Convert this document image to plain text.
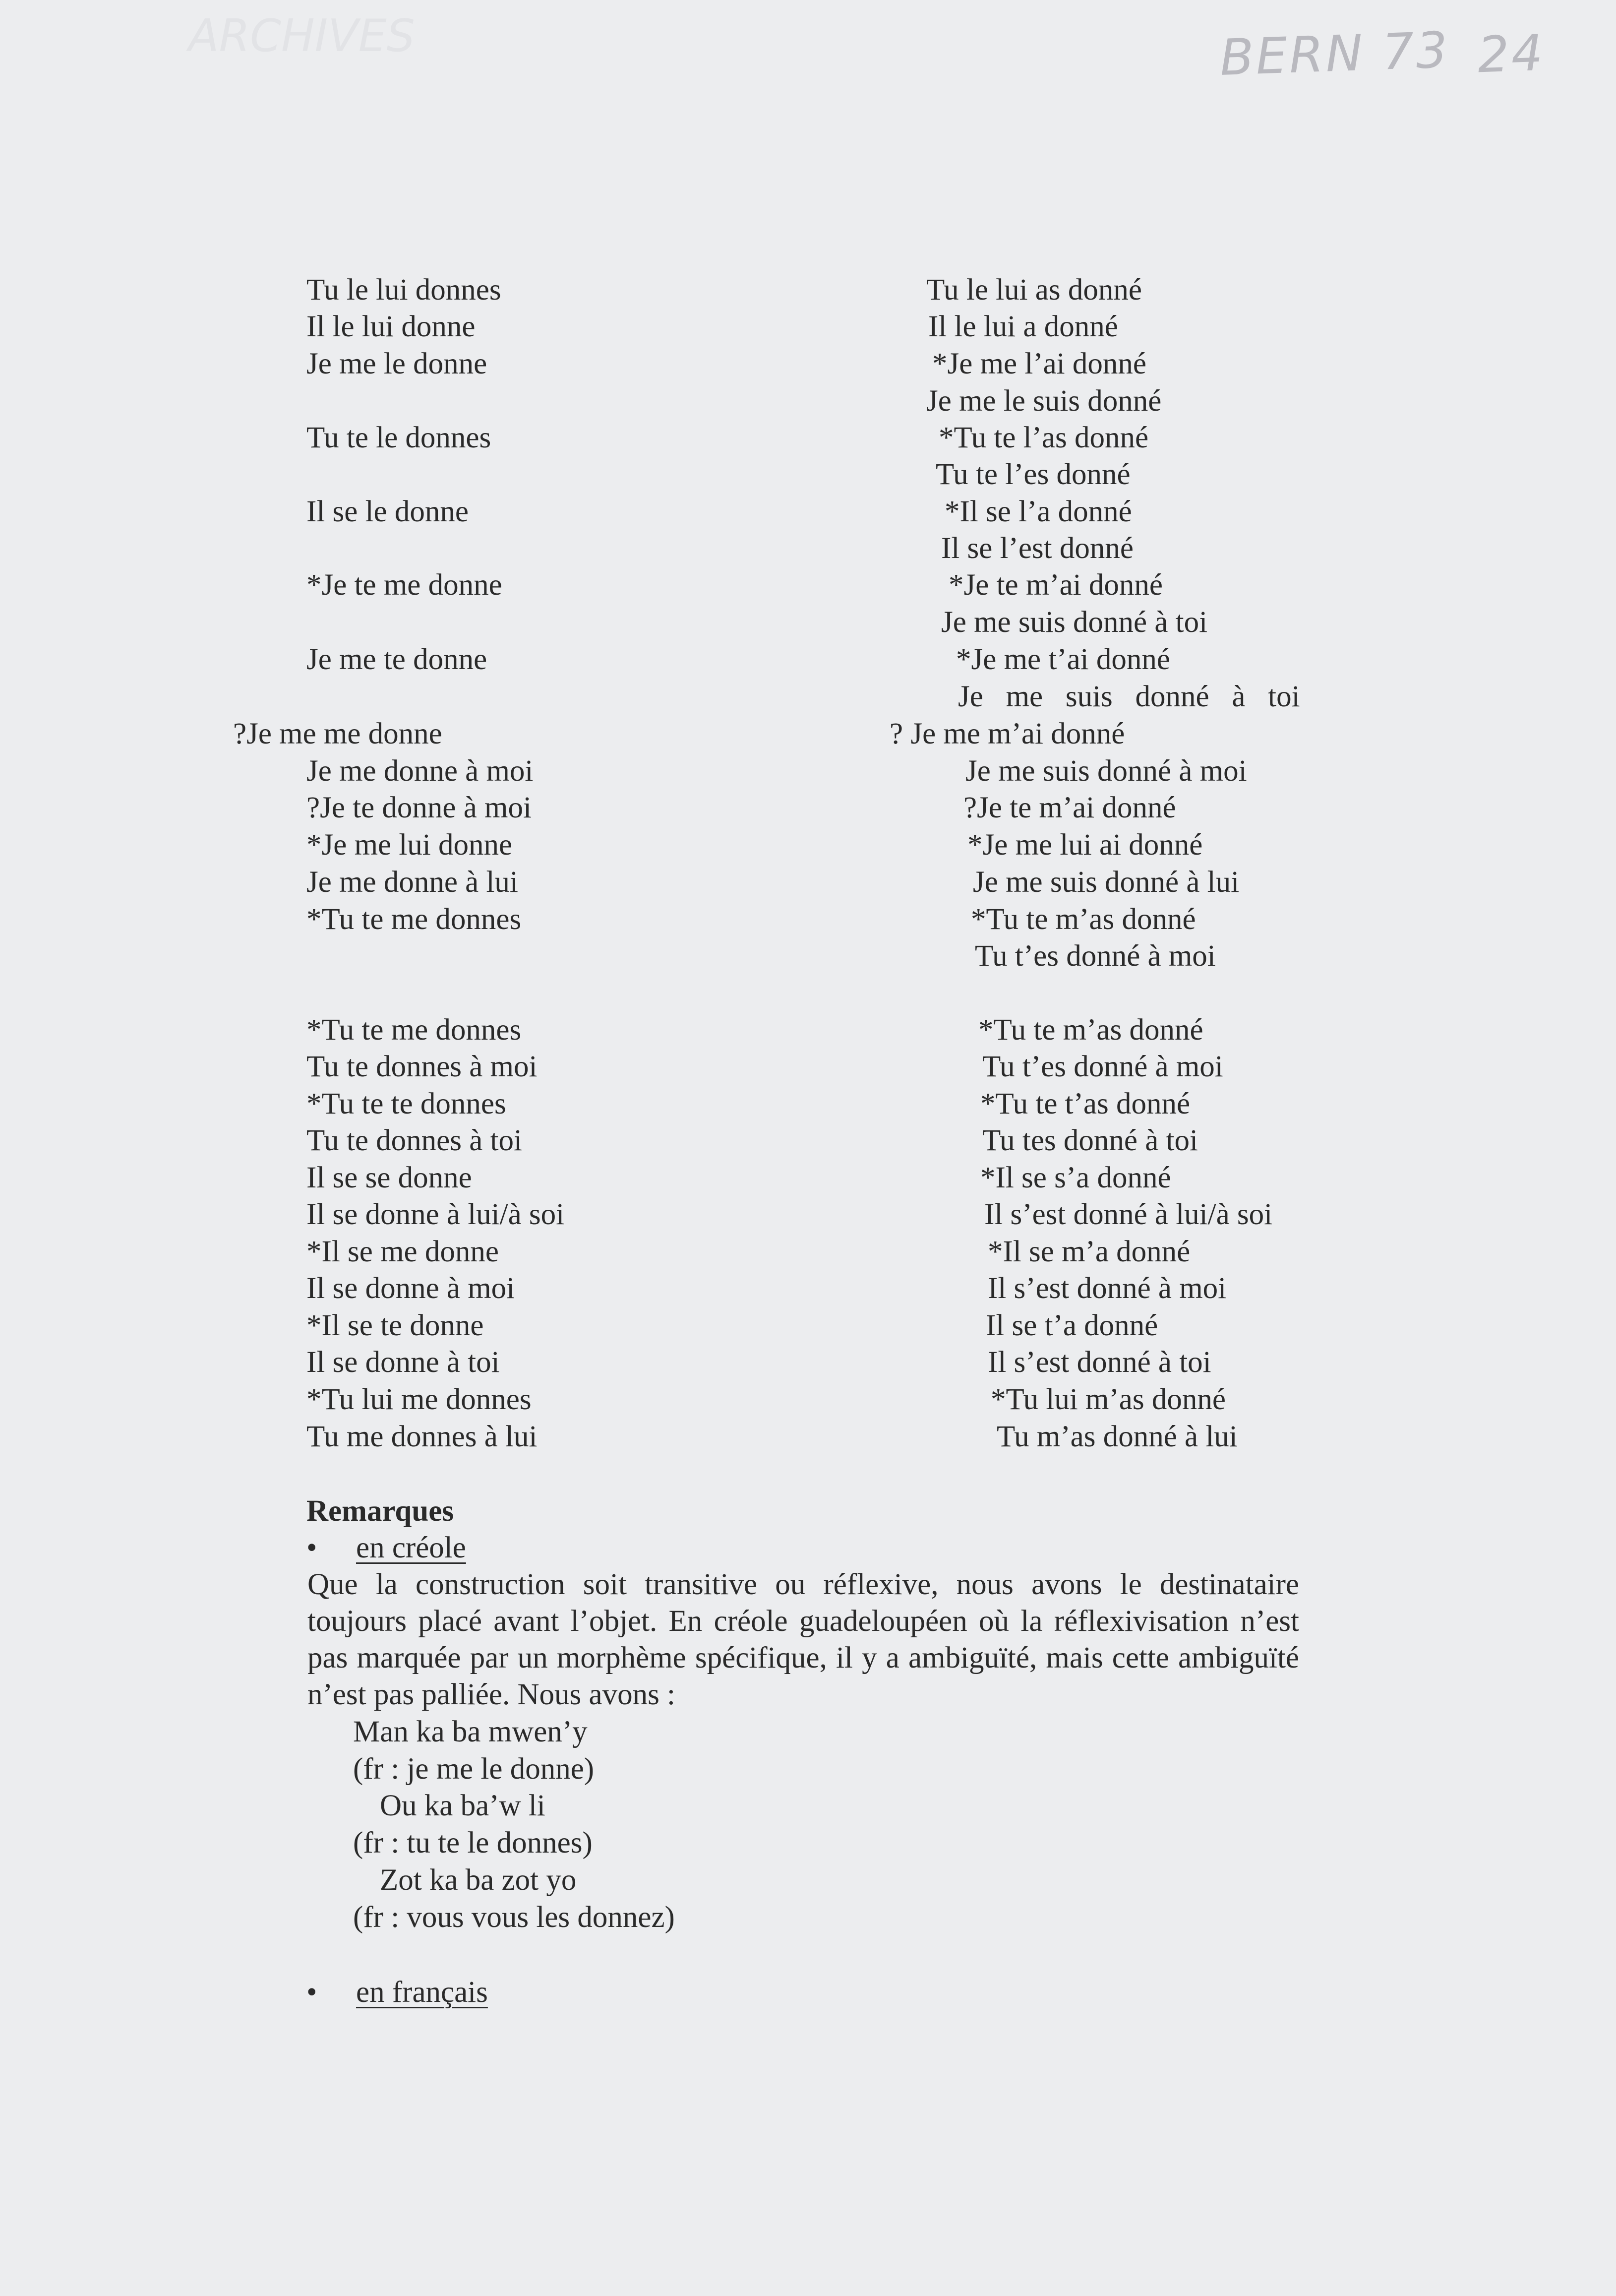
ARCHIVES	BERN 73 24
Tu le lui donnes
Il le lui donne
Je me le donne
Tu te le donnes
Il se le donne
*Je te me donne
Je me te donne
?Je me me donne
Je me donne à moi
?Je te donne à moi
*Je me lui donne
Je me donne à lui
*Tu te me donnes
*Tu te me donnes
Tu te donnes à moi
*Tu te te donnes
Tu te donnes à toi
Il se se donne
Il se donne à lui/à soi
*Il se me donne
Il se donne à moi
*Il se te donne
Il se donne à toi
*Tu lui me donnes
Tu me donnes à lui
Tu le lui as donné
Il le lui a donné
*Je me l’ai donné
Je me le suis donné
*Tu te l’as donné
Tu te l’es donné
*Il se l’a donné
Il se l’est donné
*Je te m’ai donné
Je me suis donné à toi
*Je me t’ai donné
Je   me   suis   donné   à   toi
? Je me m’ai donné
Je me suis donné à moi
?Je te m’ai donné
*Je me lui ai donné
Je me suis donné à lui
*Tu te m’as donné
Tu t’es donné à moi
*Tu te m’as donné
Tu t’es donné à moi
*Tu te t’as donné
Tu tes donné à toi
*Il se s’a donné
Il s’est donné à lui/à soi
*Il se m’a donné
Il s’est donné à moi
Il se t’a donné
Il s’est donné à toi
*Tu lui m’as donné
Tu m’as donné à lui
Remarques
• en créole
Que la construction soit transitive ou réflexive, nous avons le destinataire toujours placé avant l’objet. En créole guadeloupéen où la réflexivisation n’est pas marquée par un morphème spécifique, il y a ambiguïté, mais cette ambiguïté n’est pas palliée. Nous avons :
Man ka ba mwen’y
(fr : je me le donne)
Ou ka ba’w li
(fr : tu te le donnes)
Zot ka ba zot yo
(fr : vous vous les donnez)
• en français
